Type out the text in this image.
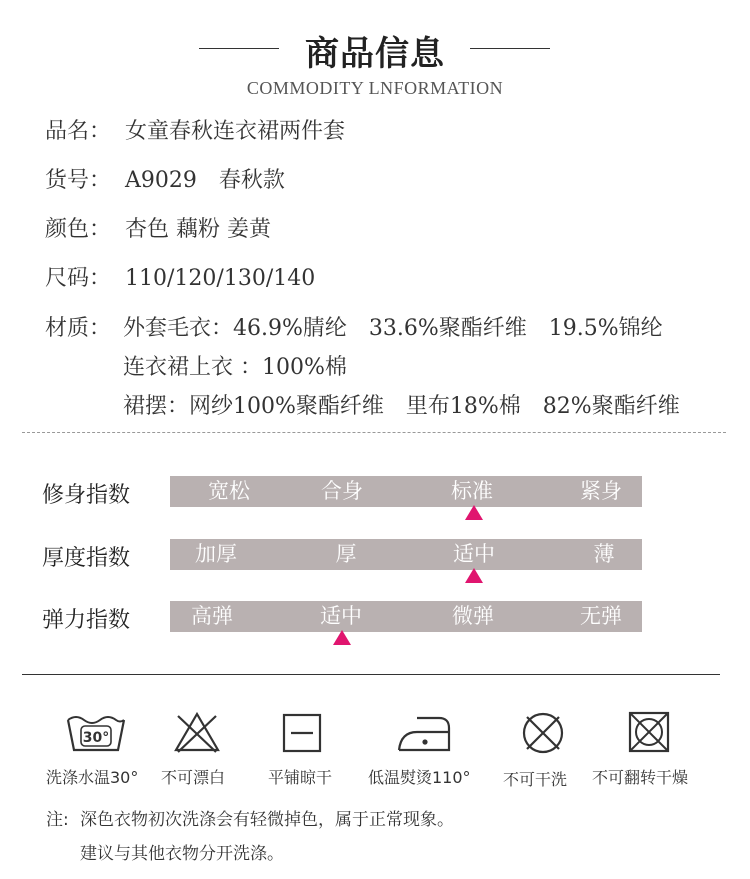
商品信息
COMMODITY LNFORMATION
品名： 女童春秋连衣裙两件套
货号： A9029　春秋款
颜色： 杏色 藕粉 姜黄
尺码： 110/120/130/140
材质： 外套毛衣：46.9%腈纶　33.6%聚酯纤维　19.5%锦纶
连衣裙上衣 ：100%棉
裙摆：网纱100%聚酯纤维　里布18%棉　82%聚酯纤维
修身指数	宽松	合身	标准	紧身
厚度指数	加厚	厚	适中	薄
弹力指数	高弹	适中	微弹	无弹
30°
洗涤水温30° 不可漂白	平铺晾干 低温熨烫110° 不可干洗 不可翻转干燥
注: 深色衣物初次洗涤会有轻微掉色，属于正常现象。
建议与其他衣物分开洗涤。
